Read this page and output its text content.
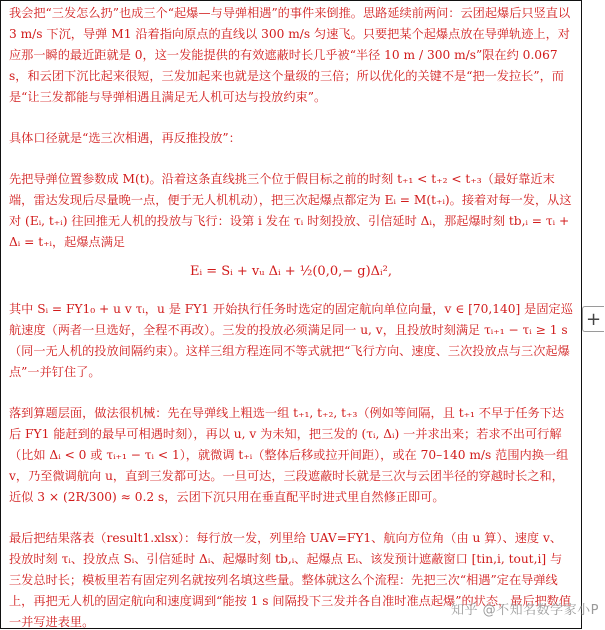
我会把“三发怎么扔”也成三个“起爆—与导弹相遇”的事件来倒推。思路延续前两问：云团起爆后只竖直以 3 m/s 下沉，导弹 M1 沿着指向原点的直线以 300 m/s 匀速飞。只要把某个起爆点放在导弹轨迹上，对应那一瞬的最近距就是 0，这一发能提供的有效遮蔽时长几乎被“半径 10 m / 300 m/s”限在约 0.067 s，和云团下沉比起来很短，三发加起来也就是这个量级的三倍；所以优化的关键不是“把一发拉长”，而是“让三发都能与导弹相遇且满足无人机可达与投放约束”。

具体口径就是“选三次相遇，再反推投放”：

先把导弹位置参数成 M(t)。沿着这条直线挑三个位于假目标之前的时刻 t₊₁ < t₊₂ < t₊₃（最好靠近末端，雷达发现后尽量晚一点，便于无人机机动），把三次起爆点都定为 Eᵢ = M(t₊ᵢ)。接着对每一发，从这对 (Eᵢ, t₊ᵢ) 往回推无人机的投放与飞行：设第 i 发在 τᵢ 时刻投放、引信延时 Δᵢ，那起爆时刻 tb,ᵢ = τᵢ + Δᵢ = t₊ᵢ，起爆点满足

Eᵢ = Sᵢ + vᵤ Δᵢ + ½(0,0,− g)Δᵢ²,

其中 Sᵢ = FY1₀ + u v τᵢ，u 是 FY1 开始执行任务时选定的固定航向单位向量，v ∈ [70,140] 是固定巡航速度（两者一旦选好，全程不再改）。三发的投放必须满足同一 u, v，且投放时刻满足 τᵢ₊₁ − τᵢ ≥ 1 s（同一无人机的投放间隔约束）。这样三组方程连同不等式就把“飞行方向、速度、三次投放点与三次起爆点”一并钉住了。

落到算题层面，做法很机械：先在导弹线上粗选一组 t₊₁, t₊₂, t₊₃（例如等间隔，且 t₊₁ 不早于任务下达后 FY1 能赶到的最早可相遇时刻），再以 u, v 为未知，把三发的 (τᵢ, Δᵢ) 一并求出来；若求不出可行解（比如 Δᵢ < 0 或 τᵢ₊₁ − τᵢ < 1），就微调 t₊ᵢ（整体后移或拉开间距），或在 70–140 m/s 范围内换一组 v，乃至微调航向 u，直到三发都可达。一旦可达，三段遮蔽时长就是三次与云团半径的穿越时长之和，近似 3 × (2R/300) ≈ 0.2 s，云团下沉只用在垂直配平时进式里自然修正即可。

最后把结果落表（result1.xlsx）：每行放一发，列里给 UAV=FY1、航向方位角（由 u 算）、速度 v、投放时刻 τᵢ、投放点 Sᵢ、引信延时 Δᵢ、起爆时刻 tb,ᵢ、起爆点 Eᵢ、该发预计遮蔽窗口 [tin,i, tout,i] 与三发总时长；模板里若有固定列名就按列名填这些量。整体就这么个流程：先把三次“相遇”定在导弹线上，再把无人机的固定航向和速度调到“能按 1 s 间隔投下三发并各自准时准点起爆”的状态，最后把数值一并写进表里。

+
知乎 @不知名数学家小P
